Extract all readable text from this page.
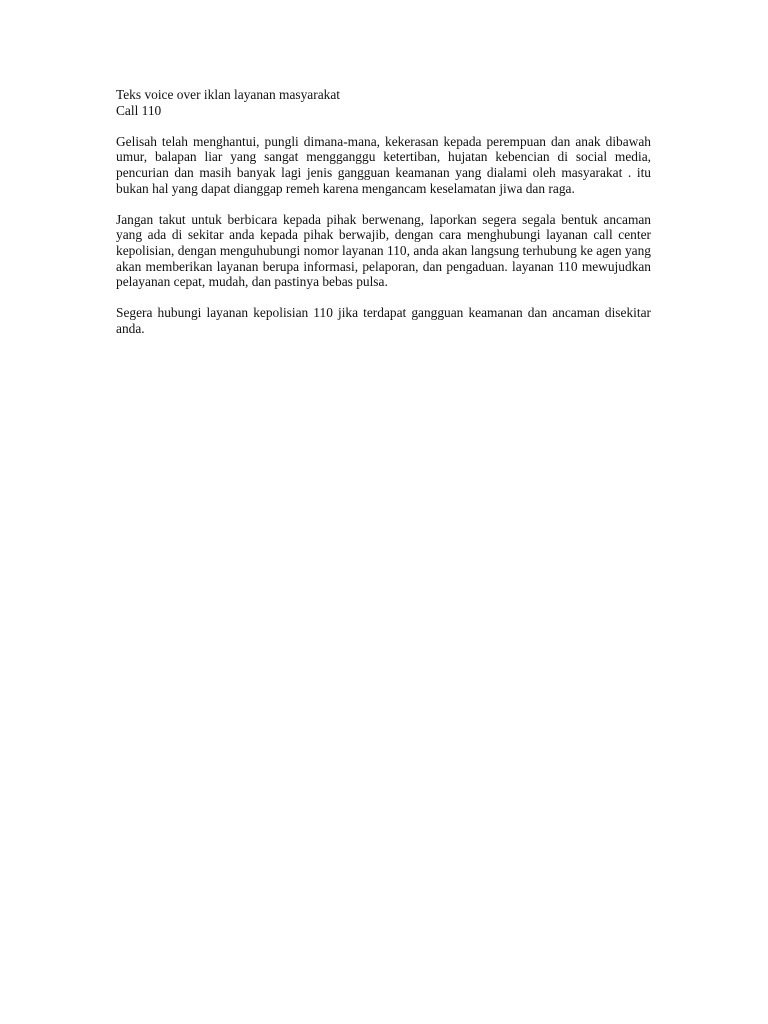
Teks voice over iklan layanan masyarakat

Call 110

Gelisah telah menghantui, pungli dimana-mana, kekerasan kepada perempuan dan anak dibawah umur, balapan liar yang sangat mengganggu ketertiban, hujatan kebencian di social media, pencurian dan masih banyak lagi jenis gangguan keamanan yang dialami oleh masyarakat . itu bukan hal yang dapat dianggap remeh karena mengancam keselamatan jiwa dan raga.

Jangan takut untuk berbicara kepada pihak berwenang, laporkan segera segala bentuk ancaman yang ada di sekitar anda kepada pihak berwajib, dengan cara menghubungi layanan call center kepolisian, dengan menguhubungi nomor layanan 110, anda akan langsung terhubung ke agen yang akan memberikan layanan berupa informasi, pelaporan, dan pengaduan. layanan 110 mewujudkan pelayanan cepat, mudah, dan pastinya bebas pulsa.

Segera hubungi layanan kepolisian 110 jika terdapat gangguan keamanan dan ancaman disekitar anda.
